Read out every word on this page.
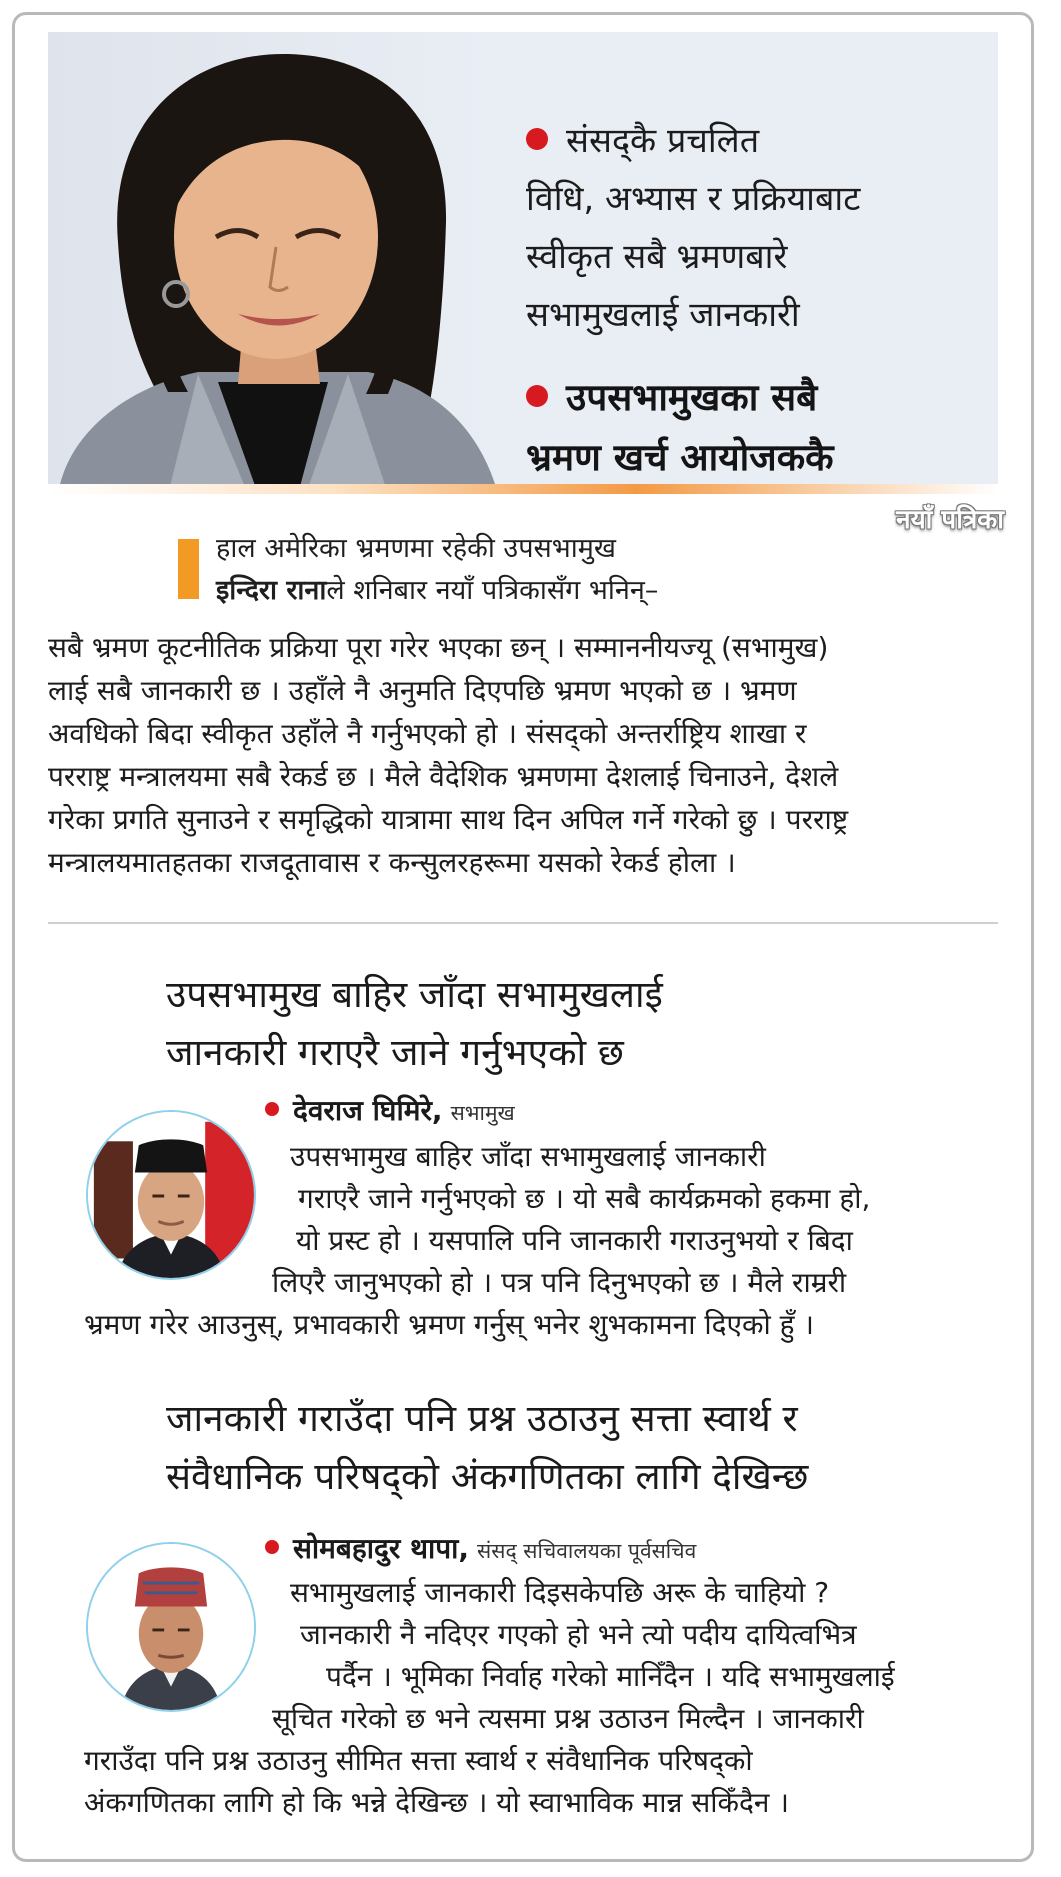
संसद्कै प्रचलित
विधि, अभ्यास र प्रक्रियाबाट
स्वीकृत सबै भ्रमणबारे
सभामुखलाई जानकारी
उपसभामुखका सबै
भ्रमण खर्च आयोजककै
नयाँ पत्रिका
हाल अमेरिका भ्रमणमा रहेकी उपसभामुख
इन्दिरा रानाले शनिबार नयाँ पत्रिकासँग भनिन्–

सबै भ्रमण कूटनीतिक प्रक्रिया पूरा गरेर भएका छन् । सम्माननीयज्यू (सभामुख)

लाई सबै जानकारी छ । उहाँले नै अनुमति दिएपछि भ्रमण भएको छ । भ्रमण

अवधिको बिदा स्वीकृत उहाँले नै गर्नुभएको हो । संसद्को अन्तर्राष्ट्रिय शाखा र

परराष्ट्र मन्त्रालयमा सबै रेकर्ड छ । मैले वैदेशिक भ्रमणमा देशलाई चिनाउने, देशले

गरेका प्रगति सुनाउने र समृद्धिको यात्रामा साथ दिन अपिल गर्ने गरेको छु । परराष्ट्र

मन्त्रालयमातहतका राजदूतावास र कन्सुलरहरूमा यसको रेकर्ड होला ।

उपसभामुख बाहिर जाँदा सभामुखलाई

जानकारी गराएरै जाने गर्नुभएको छ

देवराज घिमिरे, सभामुख
उपसभामुख बाहिर जाँदा सभामुखलाई जानकारी
गराएरै जाने गर्नुभएको छ । यो सबै कार्यक्रमको हकमा हो,
यो प्रस्ट हो । यसपालि पनि जानकारी गराउनुभयो र बिदा
लिएरै जानुभएको हो । पत्र पनि दिनुभएको छ । मैले राम्ररी
भ्रमण गरेर आउनुस्, प्रभावकारी भ्रमण गर्नुस् भनेर शुभकामना दिएको हुँ ।

जानकारी गराउँदा पनि प्रश्न उठाउनु सत्ता स्वार्थ र

संवैधानिक परिषद्को अंकगणितका लागि देखिन्छ

सोमबहादुर थापा, संसद् सचिवालयका पूर्वसचिव
सभामुखलाई जानकारी दिइसकेपछि अरू के चाहियो ?
जानकारी नै नदिएर गएको हो भने त्यो पदीय दायित्वभित्र
पर्दैन । भूमिका निर्वाह गरेको मानिँदैन । यदि सभामुखलाई
सूचित गरेको छ भने त्यसमा प्रश्न उठाउन मिल्दैन । जानकारी
गराउँदा पनि प्रश्न उठाउनु सीमित सत्ता स्वार्थ र संवैधानिक परिषद्को
अंकगणितका लागि हो कि भन्ने देखिन्छ । यो स्वाभाविक मान्न सकिँदैन ।
